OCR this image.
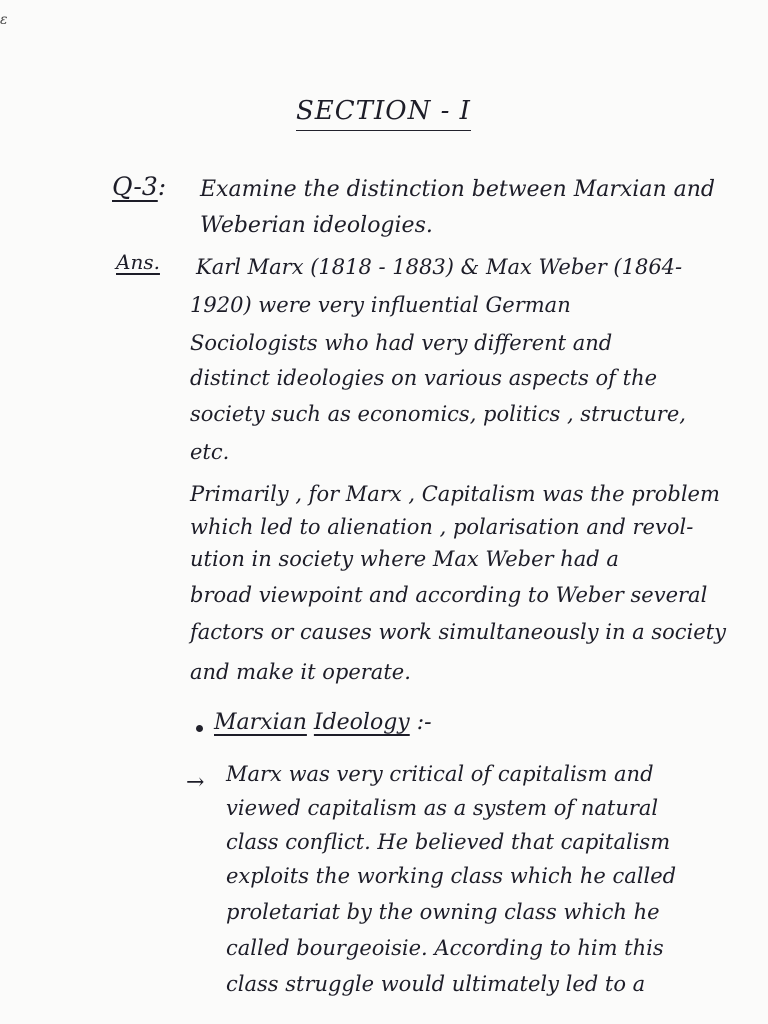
ε
SECTION - I
Q-3: Examine the distinction between Marxian and Weberian ideologies.
Ans. Karl Marx (1818 - 1883) & Max Weber (1864-
1920) were very influential German
Sociologists who had very different and
distinct ideologies on various aspects of the
society such as economics, politics , structure,
etc.
Primarily , for Marx , Capitalism was the problem
which led to alienation , polarisation and revol-
ution in society where Max Weber had a
broad viewpoint and according to Weber several
factors or causes work simultaneously in a society
and make it operate.
Marxian Ideology :-
→ Marx was very critical of capitalism and
viewed capitalism as a system of natural
class conflict. He believed that capitalism
exploits the working class which he called
proletariat by the owning class which he
called bourgeoisie. According to him this
class struggle would ultimately led to a
